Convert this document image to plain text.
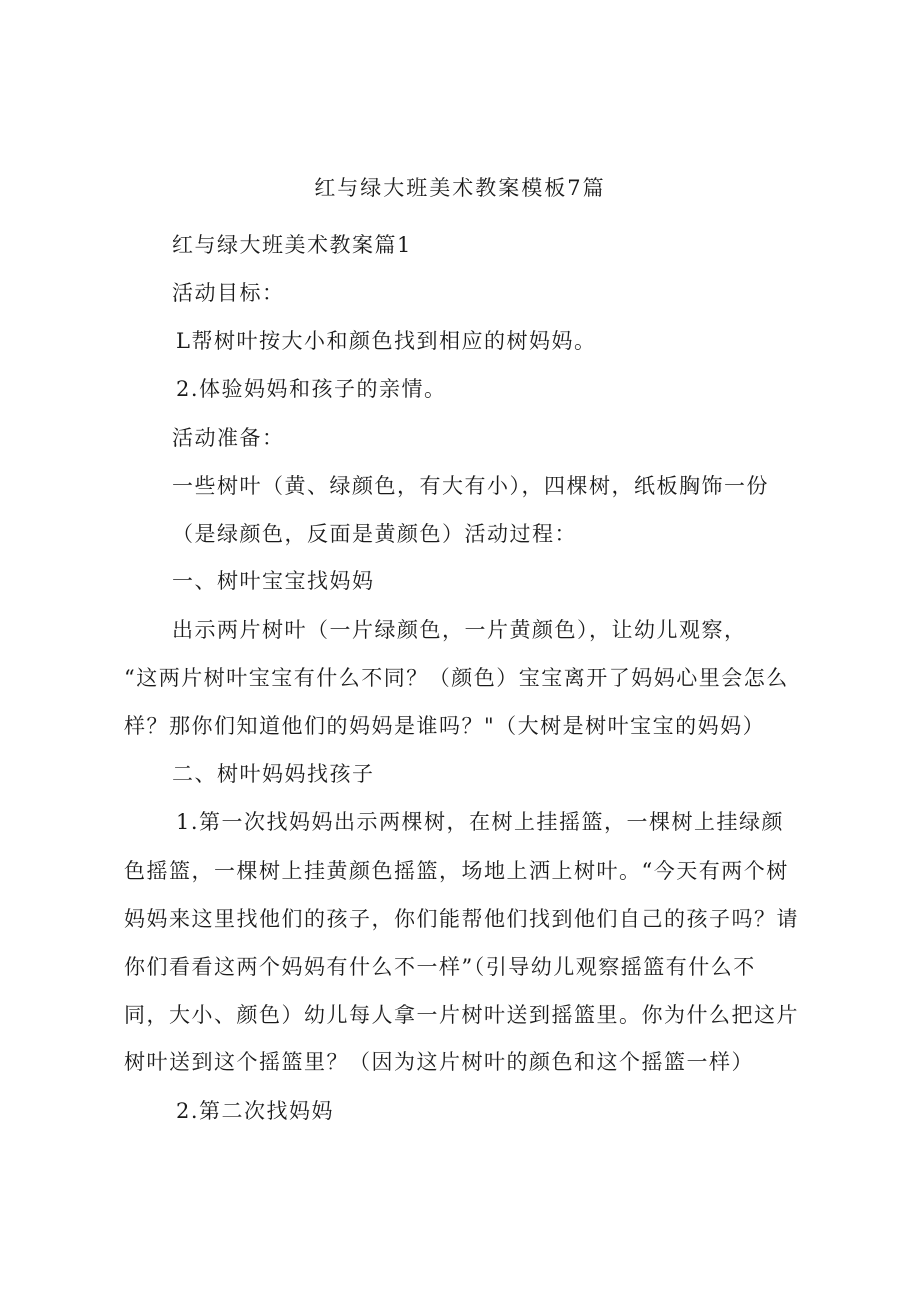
红与绿大班美术教案模板7篇
红与绿大班美术教案篇1
活动目标：
L帮树叶按大小和颜色找到相应的树妈妈。
2.体验妈妈和孩子的亲情。
活动准备：
一些树叶（黄、绿颜色，有大有小），四棵树，纸板胸饰一份
（是绿颜色，反面是黄颜色）活动过程：
一、树叶宝宝找妈妈
出示两片树叶（一片绿颜色，一片黄颜色），让幼儿观察，
“这两片树叶宝宝有什么不同？（颜色）宝宝离开了妈妈心里会怎么
样？那你们知道他们的妈妈是谁吗？"（大树是树叶宝宝的妈妈）
二、树叶妈妈找孩子
1.第一次找妈妈出示两棵树，在树上挂摇篮，一棵树上挂绿颜
色摇篮，一棵树上挂黄颜色摇篮，场地上洒上树叶。“今天有两个树
妈妈来这里找他们的孩子，你们能帮他们找到他们自己的孩子吗？请
你们看看这两个妈妈有什么不一样”（引导幼儿观察摇篮有什么不
同，大小、颜色）幼儿每人拿一片树叶送到摇篮里。你为什么把这片
树叶送到这个摇篮里？（因为这片树叶的颜色和这个摇篮一样）
2.第二次找妈妈
